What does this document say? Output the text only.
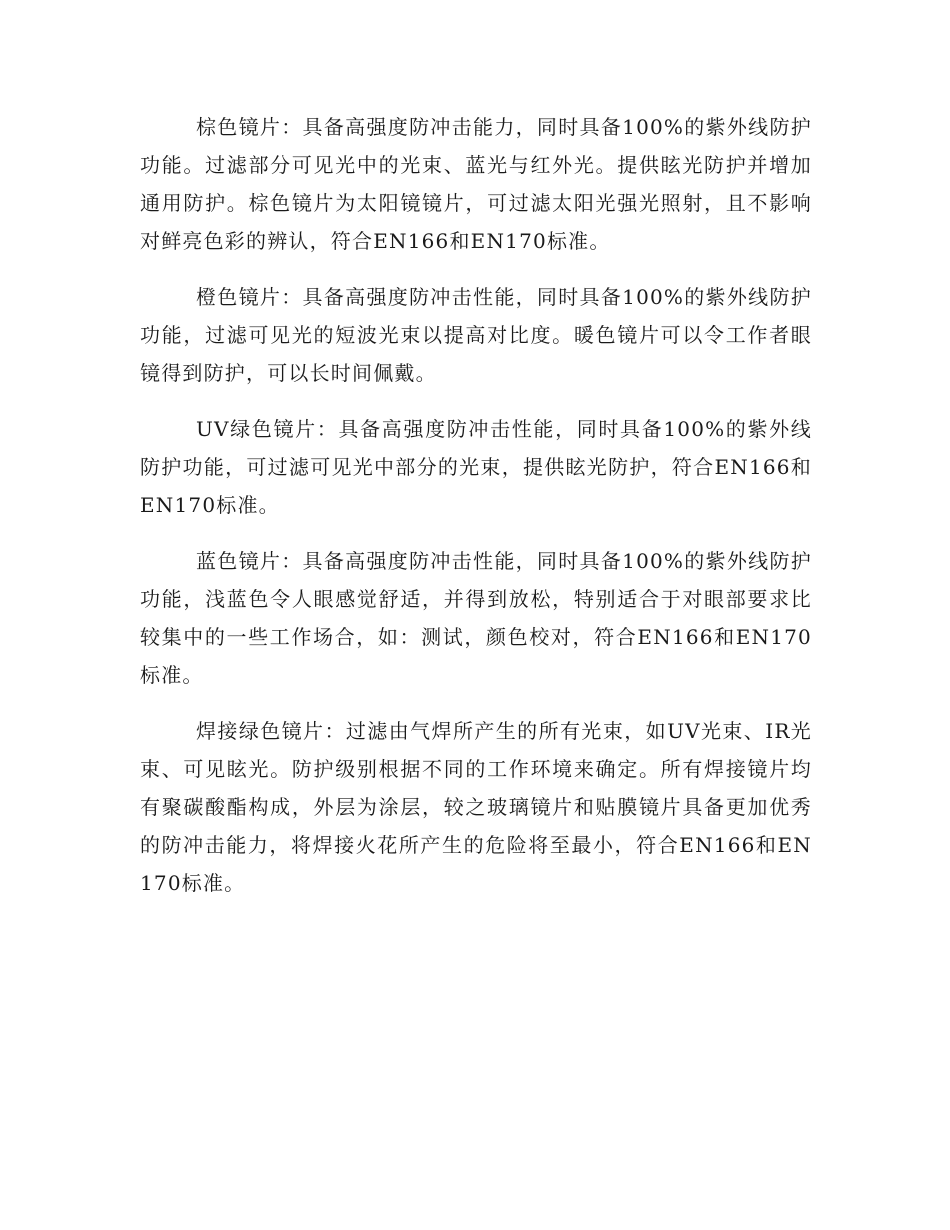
棕色镜片：具备高强度防冲击能力，同时具备100%的紫外线防护功能。过滤部分可见光中的光束、蓝光与红外光。提供眩光防护并增加通用防护。棕色镜片为太阳镜镜片，可过滤太阳光强光照射，且不影响对鲜亮色彩的辨认，符合EN166和EN170标准。

橙色镜片：具备高强度防冲击性能，同时具备100%的紫外线防护功能，过滤可见光的短波光束以提高对比度。暖色镜片可以令工作者眼镜得到防护，可以长时间佩戴。

UV绿色镜片：具备高强度防冲击性能，同时具备100%的紫外线防护功能，可过滤可见光中部分的光束，提供眩光防护，符合EN166和EN170标准。

蓝色镜片：具备高强度防冲击性能，同时具备100%的紫外线防护功能，浅蓝色令人眼感觉舒适，并得到放松，特别适合于对眼部要求比较集中的一些工作场合，如：测试，颜色校对，符合EN166和EN170标准。

焊接绿色镜片：过滤由气焊所产生的所有光束，如UV光束、IR光束、可见眩光。防护级别根据不同的工作环境来确定。所有焊接镜片均有聚碳酸酯构成，外层为涂层，较之玻璃镜片和贴膜镜片具备更加优秀的防冲击能力，将焊接火花所产生的危险将至最小，符合EN166和EN170标准。
